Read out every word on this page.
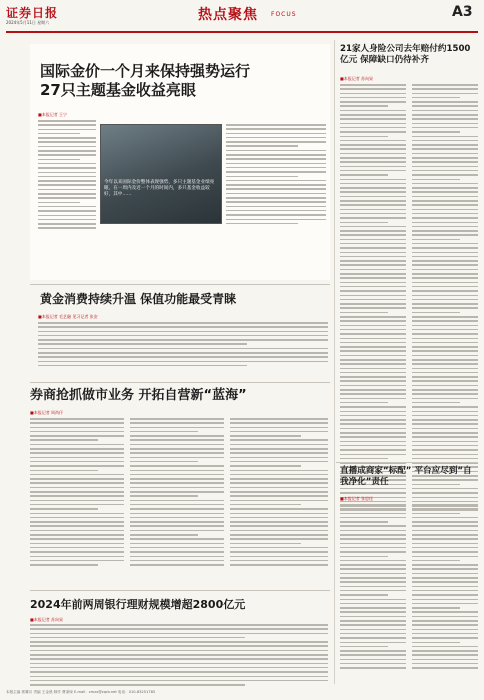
证券日报
2024年5月11日 星期六	热点聚焦 FOCUS	A3
国际金价一个月来保持强势运行
27只主题基金收益亮眼
■本报记者 王宁
今年以来国际金价整体表现强势，多只主题基金业绩亮眼，在一周内及近一个月的时间内，多只基金收益较好，其中……
黄金消费持续升温 保值功能最受青睐
■本报记者 毛艺融 见习记者 张安
券商抢抓做市业务 开拓自营新“蓝海”
■本报记者 周尚伃
2024年前两周银行理财规模增超2800亿元
■本报记者 苏向杲
21家人身险公司去年赔付约1500亿元 保障缺口仍待补齐
■本报记者 苏向杲
直播成商家“标配” 平台应尽到“自我净化”责任
■本报记者 张思佳
本版主编 郭冀川 责编 王金晨 制作 曹秉琛 E-mail：zmzx@zqrb.net 电话：010-83251785
